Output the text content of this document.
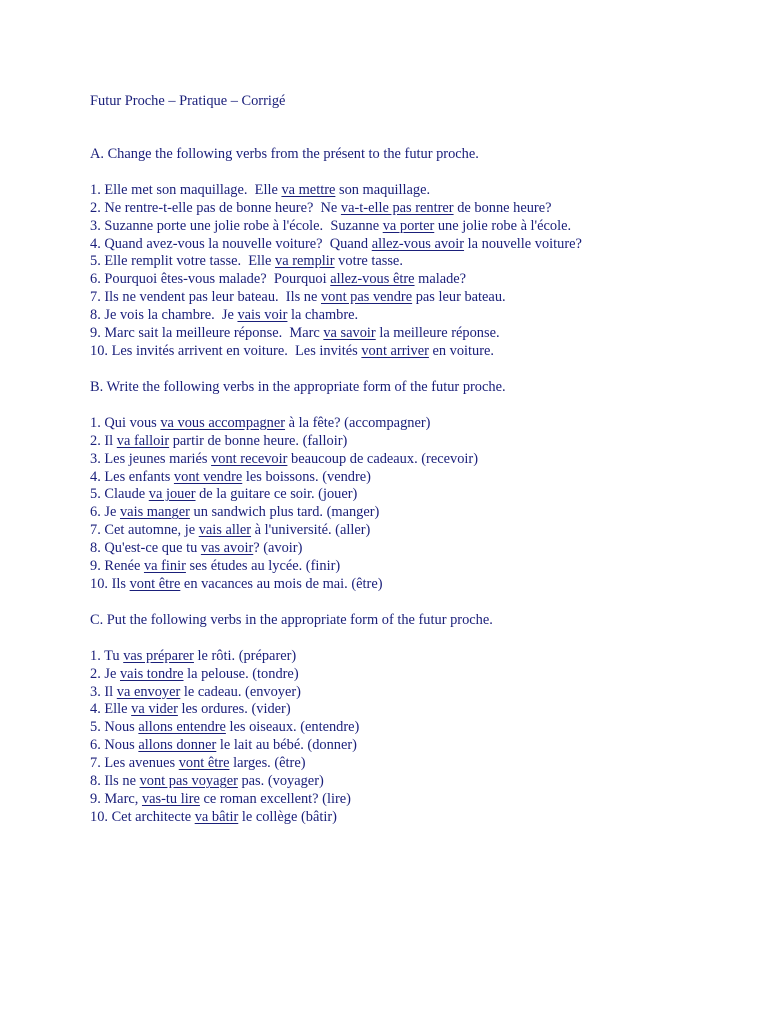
Futur Proche – Pratique – Corrigé
A. Change the following verbs from the présent to the futur proche.
1. Elle met son maquillage.  Elle va mettre son maquillage.
2. Ne rentre-t-elle pas de bonne heure?  Ne va-t-elle pas rentrer de bonne heure?
3. Suzanne porte une jolie robe à l'école.  Suzanne va porter une jolie robe à l'école.
4. Quand avez-vous la nouvelle voiture?  Quand allez-vous avoir la nouvelle voiture?
5. Elle remplit votre tasse.  Elle va remplir votre tasse.
6. Pourquoi êtes-vous malade?  Pourquoi allez-vous être malade?
7. Ils ne vendent pas leur bateau.  Ils ne vont pas vendre pas leur bateau.
8. Je vois la chambre.  Je vais voir la chambre.
9. Marc sait la meilleure réponse.  Marc va savoir la meilleure réponse.
10. Les invités arrivent en voiture.  Les invités vont arriver en voiture.
B. Write the following verbs in the appropriate form of the futur proche.
1. Qui vous va vous accompagner à la fête? (accompagner)
2. Il va falloir partir de bonne heure. (falloir)
3. Les jeunes mariés vont recevoir beaucoup de cadeaux. (recevoir)
4. Les enfants vont vendre les boissons. (vendre)
5. Claude va jouer de la guitare ce soir. (jouer)
6. Je vais manger un sandwich plus tard. (manger)
7. Cet automne, je vais aller à l'université. (aller)
8. Qu'est-ce que tu vas avoir? (avoir)
9. Renée va finir ses études au lycée. (finir)
10. Ils vont être en vacances au mois de mai. (être)
C. Put the following verbs in the appropriate form of the futur proche.
1. Tu vas préparer le rôti. (préparer)
2. Je vais tondre la pelouse. (tondre)
3. Il va envoyer le cadeau. (envoyer)
4. Elle va vider les ordures. (vider)
5. Nous allons entendre les oiseaux. (entendre)
6. Nous allons donner le lait au bébé. (donner)
7. Les avenues vont être larges. (être)
8. Ils ne vont pas voyager pas. (voyager)
9. Marc, vas-tu lire ce roman excellent? (lire)
10. Cet architecte va bâtir le collège (bâtir)
